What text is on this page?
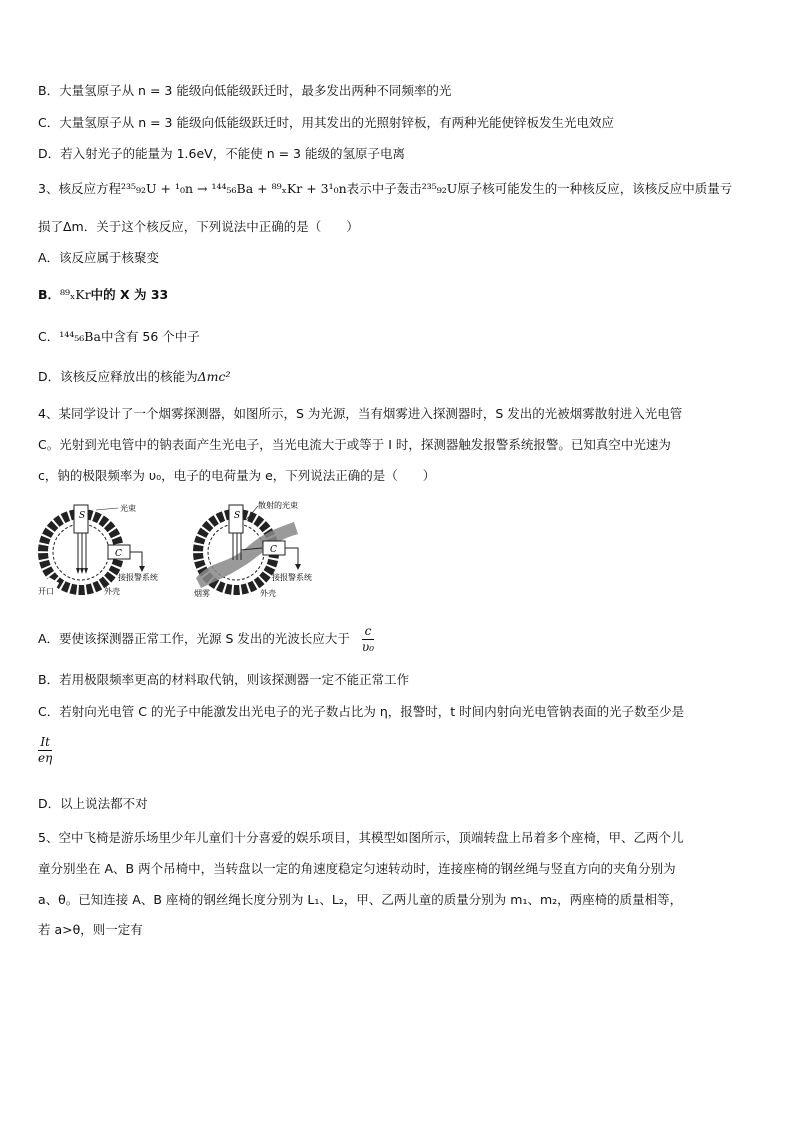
B．大量氢原子从 n = 3 能级向低能级跃迁时，最多发出两种不同频率的光
C．大量氢原子从 n = 3 能级向低能级跃迁时，用其发出的光照射锌板，有两种光能使锌板发生光电效应
D．若入射光子的能量为 1.6eV，不能使 n = 3 能级的氢原子电离
3、核反应方程²³⁵₉₂U + ¹₀n → ¹⁴⁴₅₆Ba + ⁸⁹ₓKr + 3¹₀n表示中子轰击²³⁵₉₂U原子核可能发生的一种核反应，该核反应中质量亏
损了Δm．关于这个核反应，下列说法中正确的是（　　）
A．该反应属于核聚变
B．⁸⁹ₓKr中的 X 为 33
C．¹⁴⁴₅₆Ba中含有 56 个中子
D．该核反应释放出的核能为Δmc²
4、某同学设计了一个烟雾探测器，如图所示，S 为光源，当有烟雾进入探测器时，S 发出的光被烟雾散射进入光电管
C。光射到光电管中的钠表面产生光电子，当光电流大于或等于 I 时，探测器触发报警系统报警。已知真空中光速为
c，钠的极限频率为 υ₀，电子的电荷量为 e，下列说法正确的是（　　）
S
C
光束
接报警系统
开口	外壳
S
C
散射的光束
接报警系统
烟雾	外壳
A．要使该探测器正常工作，光源 S 发出的光波长应大于 $\frac{c}{\text{υ₀}}$
B．若用极限频率更高的材料取代钠，则该探测器一定不能正常工作
C．若射向光电管 C 的光子中能激发出光电子的光子数占比为 η，报警时，t 时间内射向光电管钠表面的光子数至少是
$\frac{It}{e\eta}$
D．以上说法都不对
5、空中飞椅是游乐场里少年儿童们十分喜爱的娱乐项目，其模型如图所示，顶端转盘上吊着多个座椅，甲、乙两个儿
童分别坐在 A、B 两个吊椅中，当转盘以一定的角速度稳定匀速转动时，连接座椅的钢丝绳与竖直方向的夹角分别为
a、θ。已知连接 A、B 座椅的钢丝绳长度分别为 L₁、L₂，甲、乙两儿童的质量分别为 m₁、m₂，两座椅的质量相等，
若 a>θ，则一定有
